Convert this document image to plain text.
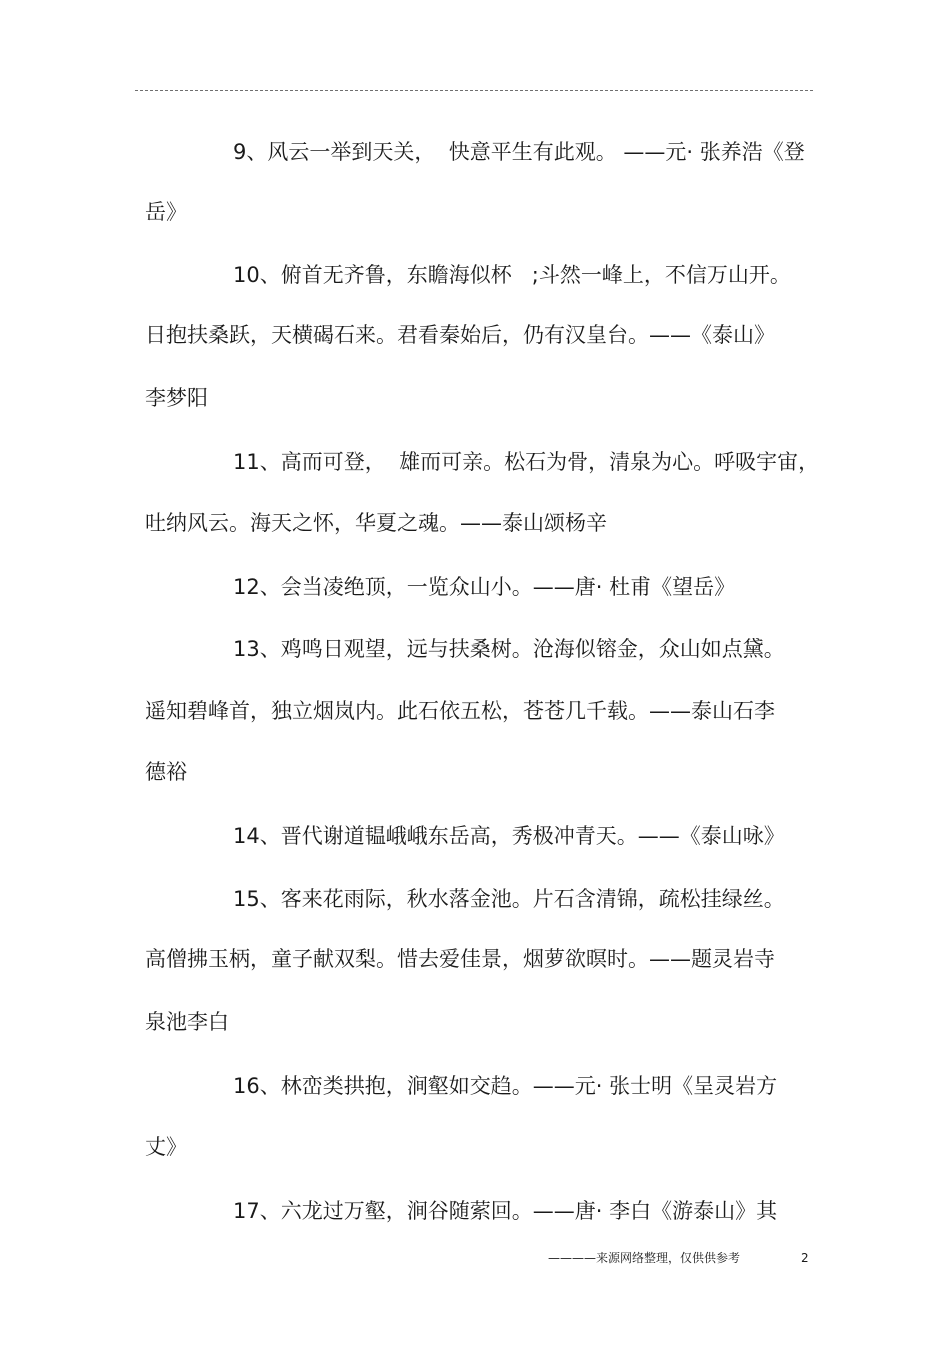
9、风云一举到天关，  快意平生有此观。 ——元· 张养浩《登
岳》
10、俯首无齐鲁，东瞻海似杯   ;斗然一峰上，不信万山开。
日抱扶桑跃，天横碣石来。君看秦始后，仍有汉皇台。——《泰山》
李梦阳
11、高而可登，  雄而可亲。松石为骨，清泉为心。呼吸宇宙，
吐纳风云。海天之怀，华夏之魂。——泰山颂杨辛
12、会当凌绝顶，一览众山小。——唐· 杜甫《望岳》
13、鸡鸣日观望，远与扶桑树。沧海似镕金，众山如点黛。
遥知碧峰首，独立烟岚内。此石依五松，苍苍几千载。——泰山石李
德裕
14、晋代谢道韫峨峨东岳高，秀极冲青天。——《泰山咏》
15、客来花雨际，秋水落金池。片石含清锦，疏松挂绿丝。
高僧拂玉柄，童子献双梨。惜去爱佳景，烟萝欲暝时。——题灵岩寺
泉池李白
16、林峦类拱抱，涧壑如交趋。——元· 张士明《呈灵岩方
丈》
17、六龙过万壑，涧谷随萦回。——唐· 李白《游泰山》其
————来源网络整理，仅供供参考	2
